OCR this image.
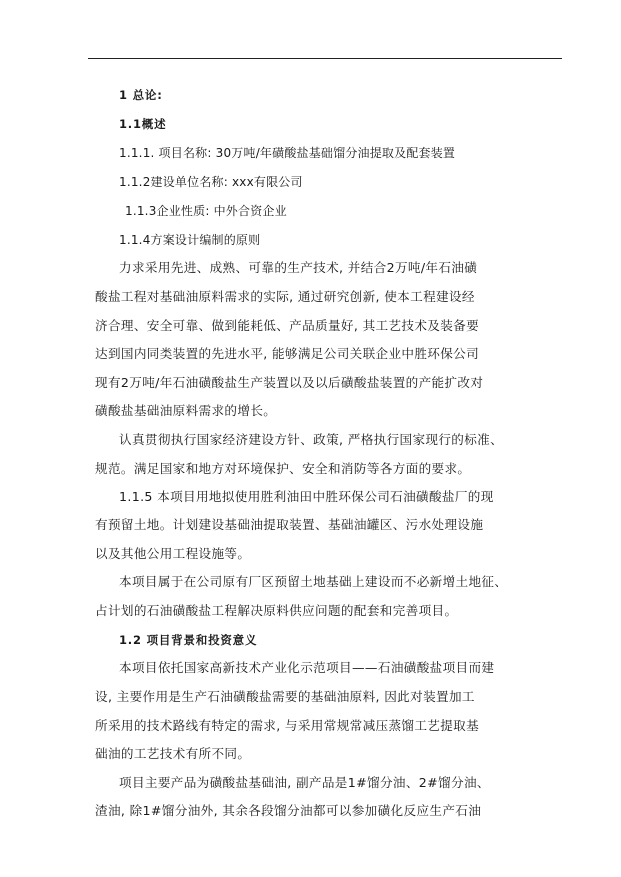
1 总论:
1.1概述
1.1.1. 项目名称: 30万吨/年磺酸盐基础馏分油提取及配套装置
1.1.2建设单位名称: xxx有限公司
1.1.3企业性质: 中外合资企业
1.1.4方案设计编制的原则
力求采用先进、成熟、可靠的生产技术, 并结合2万吨/年石油磺
酸盐工程对基础油原料需求的实际, 通过研究创新, 使本工程建设经
济合理、安全可靠、做到能耗低、产品质量好, 其工艺技术及装备要
达到国内同类装置的先进水平, 能够满足公司关联企业中胜环保公司
现有2万吨/年石油磺酸盐生产装置以及以后磺酸盐装置的产能扩改对
磺酸盐基础油原料需求的增长。
认真贯彻执行国家经济建设方针、政策, 严格执行国家现行的标准、
规范。满足国家和地方对环境保护、安全和消防等各方面的要求。
1.1.5 本项目用地拟使用胜利油田中胜环保公司石油磺酸盐厂的现
有预留土地。计划建设基础油提取装置、基础油罐区、污水处理设施
以及其他公用工程设施等。
本项目属于在公司原有厂区预留土地基础上建设而不必新增土地征、
占计划的石油磺酸盐工程解决原料供应问题的配套和完善项目。
1.2 项目背景和投资意义
本项目依托国家高新技术产业化示范项目——石油磺酸盐项目而建
设, 主要作用是生产石油磺酸盐需要的基础油原料, 因此对装置加工
所采用的技术路线有特定的需求, 与采用常规常减压蒸馏工艺提取基
础油的工艺技术有所不同。
项目主要产品为磺酸盐基础油, 副产品是1#馏分油、2#馏分油、
渣油, 除1#馏分油外, 其余各段馏分油都可以参加磺化反应生产石油
